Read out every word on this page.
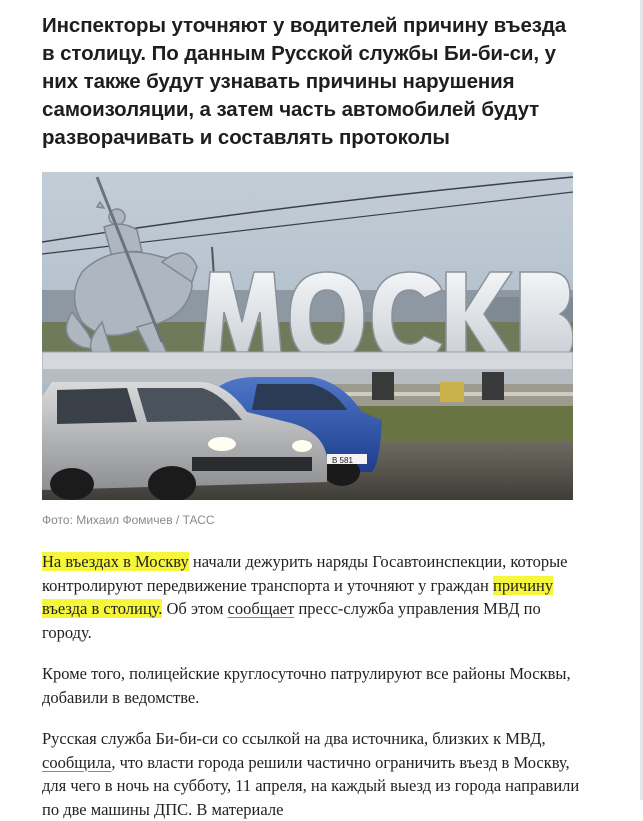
Инспекторы уточняют у водителей причину въезда в столицу. По данным Русской службы Би-би-си, у них также будут узнавать причины нарушения самоизоляции, а затем часть автомобилей будут разворачивать и составлять протоколы
В 581
Фото: Михаил Фомичев / ТАСС

На въездах в Москву начали дежурить наряды Госавтоинспекции, которые контролируют передвижение транспорта и уточняют у граждан причину въезда в столицу. Об этом сообщает пресс-служба управления МВД по городу.

Кроме того, полицейские круглосуточно патрулируют все районы Москвы, добавили в ведомстве.

Русская служба Би-би-си со ссылкой на два источника, близких к МВД, сообщила, что власти города решили частично ограничить въезд в Москву, для чего в ночь на субботу, 11 апреля, на каждый выезд из города направили по две машины ДПС. В материале
